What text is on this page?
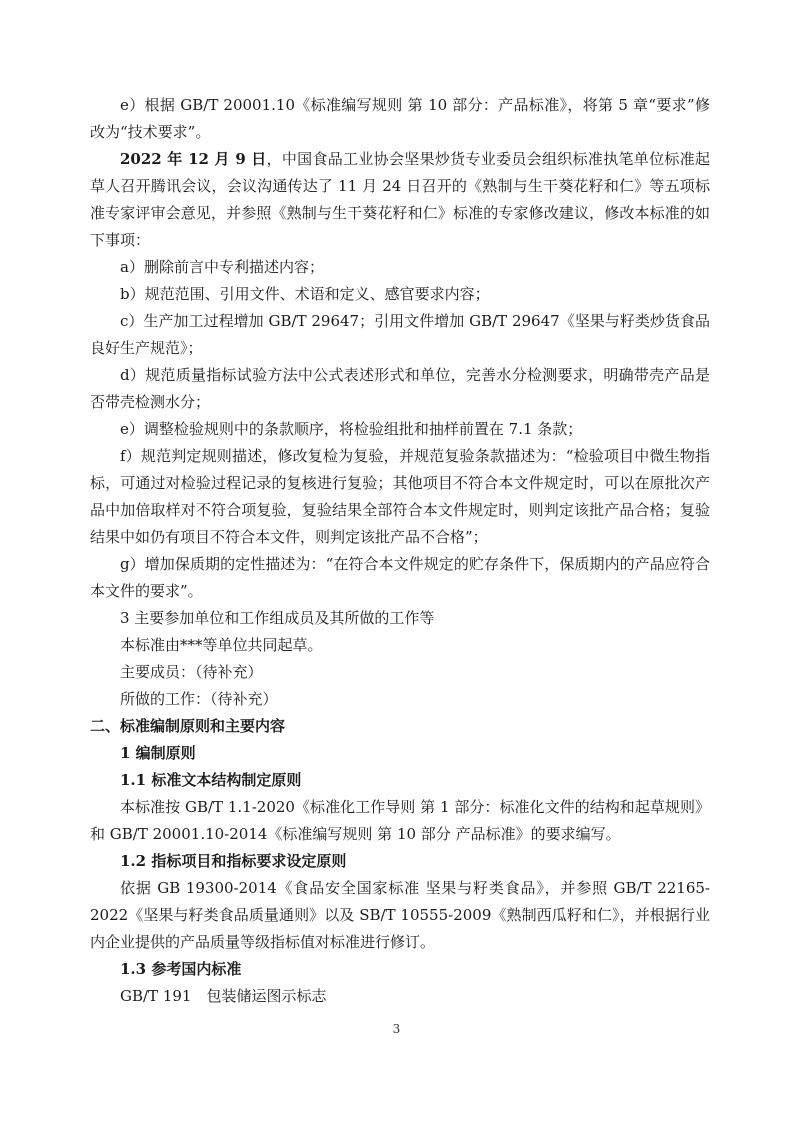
e）根据 GB/T 20001.10《标准编写规则 第 10 部分：产品标准》，将第 5 章“要求”修改为“技术要求”。

2022 年 12 月 9 日，中国食品工业协会坚果炒货专业委员会组织标准执笔单位标准起草人召开腾讯会议，会议沟通传达了 11 月 24 日召开的《熟制与生干葵花籽和仁》等五项标准专家评审会意见，并参照《熟制与生干葵花籽和仁》标准的专家修改建议，修改本标准的如下事项：

a）删除前言中专利描述内容；

b）规范范围、引用文件、术语和定义、感官要求内容；

c）生产加工过程增加 GB/T 29647；引用文件增加 GB/T 29647《坚果与籽类炒货食品良好生产规范》；

d）规范质量指标试验方法中公式表述形式和单位，完善水分检测要求，明确带壳产品是否带壳检测水分；

e）调整检验规则中的条款顺序，将检验组批和抽样前置在 7.1 条款；

f）规范判定规则描述，修改复检为复验，并规范复验条款描述为：“检验项目中微生物指标，可通过对检验过程记录的复核进行复验；其他项目不符合本文件规定时，可以在原批次产品中加倍取样对不符合项复验，复验结果全部符合本文件规定时，则判定该批产品合格；复验结果中如仍有项目不符合本文件，则判定该批产品不合格”；

g）增加保质期的定性描述为：“在符合本文件规定的贮存条件下，保质期内的产品应符合本文件的要求”。

3 主要参加单位和工作组成员及其所做的工作等

本标准由***等单位共同起草。

主要成员：（待补充）

所做的工作：（待补充）

二、标准编制原则和主要内容

1 编制原则

1.1 标准文本结构制定原则

本标准按 GB/T 1.1-2020《标准化工作导则 第 1 部分：标准化文件的结构和起草规则》和 GB/T 20001.10-2014《标准编写规则 第 10 部分 产品标准》的要求编写。

1.2 指标项目和指标要求设定原则

依据 GB 19300-2014《食品安全国家标准 坚果与籽类食品》，并参照 GB/T 22165-2022《坚果与籽类食品质量通则》以及 SB/T 10555-2009《熟制西瓜籽和仁》，并根据行业内企业提供的产品质量等级指标值对标准进行修订。

1.3 参考国内标准

GB/T 191　包装储运图示标志

3
